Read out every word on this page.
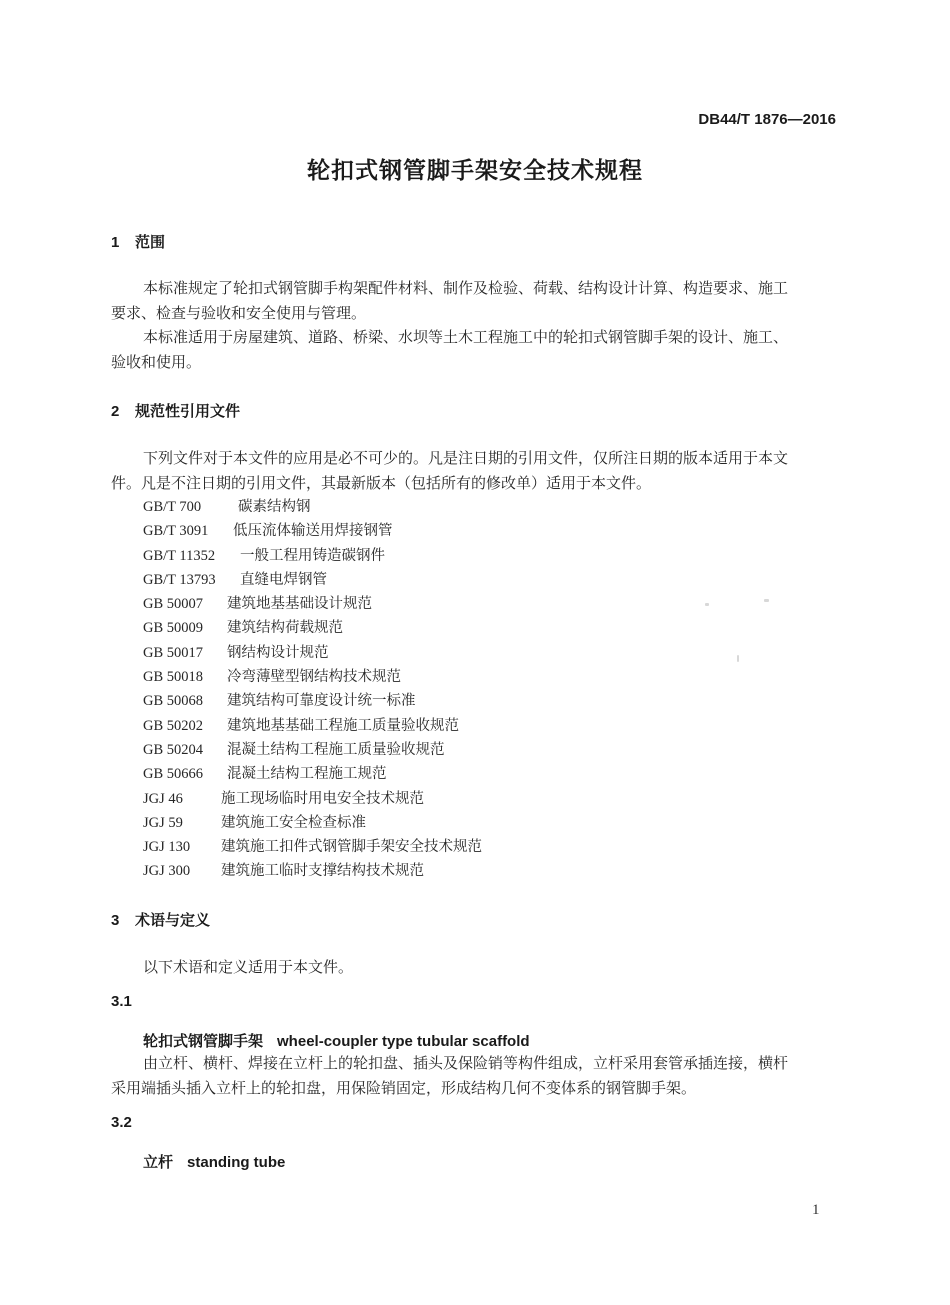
DB44/T 1876—2016
轮扣式钢管脚手架安全技术规程
1 范围
本标准规定了轮扣式钢管脚手构架配件材料、制作及检验、荷载、结构设计计算、构造要求、施工
要求、检查与验收和安全使用与管理。
本标准适用于房屋建筑、道路、桥梁、水坝等土木工程施工中的轮扣式钢管脚手架的设计、施工、
验收和使用。
2 规范性引用文件
下列文件对于本文件的应用是必不可少的。凡是注日期的引用文件，仅所注日期的版本适用于本文
件。凡是不注日期的引用文件，其最新版本（包括所有的修改单）适用于本文件。
GB/T 700	碳素结构钢
GB/T 3091 低压流体输送用焊接钢管
GB/T 11352 一般工程用铸造碳钢件
GB/T 13793 直缝电焊钢管
GB 50007 建筑地基基础设计规范
GB 50009 建筑结构荷载规范
GB 50017 钢结构设计规范
GB 50018 冷弯薄壁型钢结构技术规范
GB 50068 建筑结构可靠度设计统一标准
GB 50202 建筑地基基础工程施工质量验收规范
GB 50204 混凝土结构工程施工质量验收规范
GB 50666 混凝土结构工程施工规范
JGJ 46	施工现场临时用电安全技术规范
JGJ 59	建筑施工安全检查标准
JGJ 130 建筑施工扣件式钢管脚手架安全技术规范
JGJ 300 建筑施工临时支撑结构技术规范
3 术语与定义
以下术语和定义适用于本文件。
3.1
轮扣式钢管脚手架 wheel-coupler type tubular scaffold
由立杆、横杆、焊接在立杆上的轮扣盘、插头及保险销等构件组成，立杆采用套管承插连接，横杆
采用端插头插入立杆上的轮扣盘，用保险销固定，形成结构几何不变体系的钢管脚手架。
3.2
立杆 standing tube
1
